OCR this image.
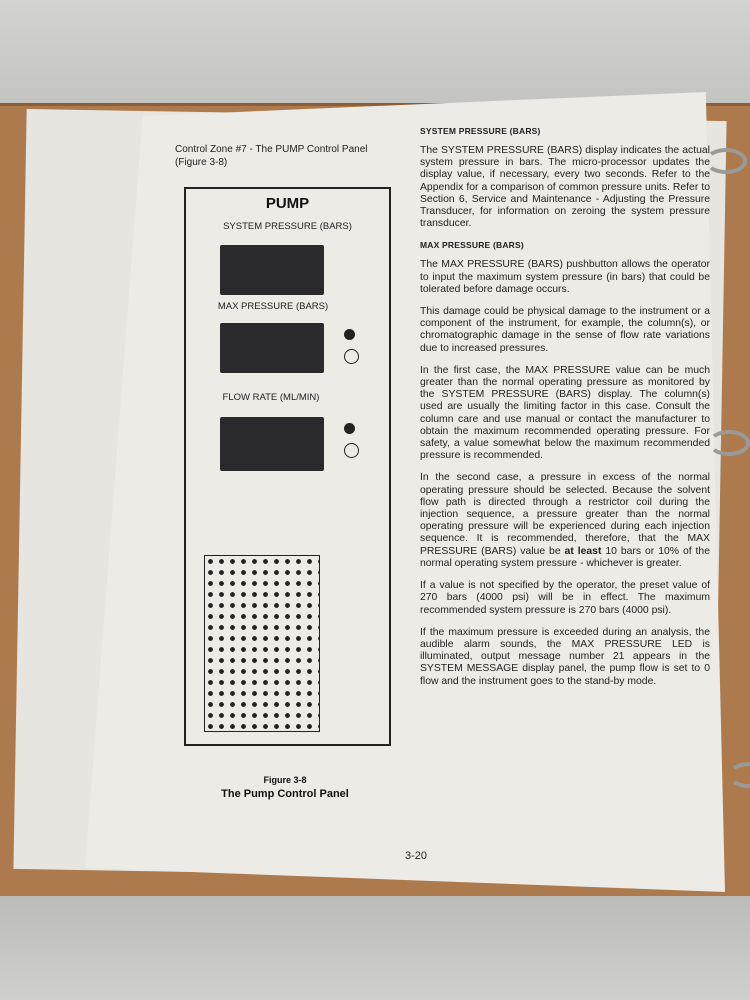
Control Zone #7 - The PUMP Control Panel (Figure 3-8)
PUMP
SYSTEM PRESSURE (BARS)
MAX PRESSURE (BARS)
FLOW RATE (ML/MIN)
Figure 3-8
The Pump Control Panel
SYSTEM PRESSURE (BARS)

The SYSTEM PRESSURE (BARS) display indicates the actual system pressure in bars. The micro-processor updates the display value, if necessary, every two seconds. Refer to the Appendix for a comparison of common pressure units. Refer to Section 6, Service and Maintenance - Adjusting the Pressure Transducer, for information on zeroing the system pressure transducer.

MAX PRESSURE (BARS)

The MAX PRESSURE (BARS) pushbutton allows the operator to input the maximum system pressure (in bars) that could be tolerated before damage occurs.

This damage could be physical damage to the instrument or a component of the instrument, for example, the column(s), or chromatographic damage in the sense of flow rate variations due to increased pressures.

In the first case, the MAX PRESSURE value can be much greater than the normal operating pressure as monitored by the SYSTEM PRESSURE (BARS) display. The column(s) used are usually the limiting factor in this case. Consult the column care and use manual or contact the manufacturer to obtain the maximum recommended operating pressure. For safety, a value somewhat below the maximum recommended pressure is recommended.

In the second case, a pressure in excess of the normal operating pressure should be selected. Because the solvent flow path is directed through a restrictor coil during the injection sequence, a pressure greater than the normal operating pressure will be experienced during each injection sequence. It is recommended, therefore, that the MAX PRESSURE (BARS) value be at least 10 bars or 10% of the normal operating system pressure - whichever is greater.

If a value is not specified by the operator, the preset value of 270 bars (4000 psi) will be in effect. The maximum recommended system pressure is 270 bars (4000 psi).

If the maximum pressure is exceeded during an analysis, the audible alarm sounds, the MAX PRESSURE LED is illuminated, output message number 21 appears in the SYSTEM MESSAGE display panel, the pump flow is set to 0 flow and the instrument goes to the stand-by mode.

3-20
